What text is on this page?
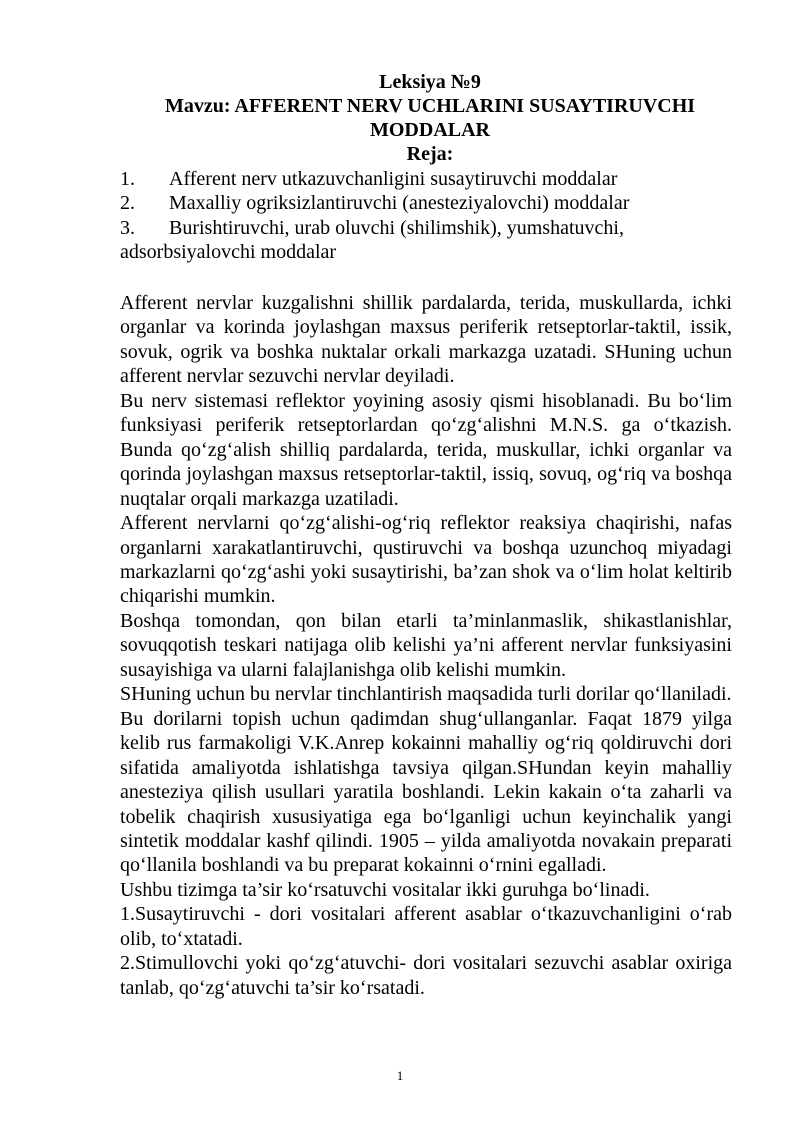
Leksiya №9
Mavzu: AFFERENT NERV UCHLARINI SUSAYTIRUVCHI
MODDALAR
Reja:
1. Afferent nerv utkazuvchanligini susaytiruvchi moddalar
2. Maxalliy ogriksizlantiruvchi (anesteziyalovchi) moddalar
3. Burishtiruvchi, urab oluvchi (shilimshik), yumshatuvchi,
adsorbsiyalovchi moddalar

Afferent nervlar kuzgalishni shillik pardalarda, terida, muskullarda, ichki organlar va korinda joylashgan maxsus periferik retseptorlar-taktil, issik, sovuk, ogrik va boshka nuktalar orkali markazga uzatadi. SHuning uchun afferent nervlar sezuvchi nervlar deyiladi.

Bu nerv sistemasi reflektor yoyining asosiy qismi hisoblanadi. Bu bo‘lim funksiyasi periferik retseptorlardan qo‘zg‘alishni M.N.S. ga o‘tkazish. Bunda qo‘zg‘alish shilliq pardalarda, terida, muskullar, ichki organlar va qorinda joylashgan maxsus retseptorlar-taktil, issiq, sovuq, og‘riq va boshqa nuqtalar orqali markazga uzatiladi.

Afferent nervlarni qo‘zg‘alishi-og‘riq reflektor reaksiya chaqirishi, nafas organlarni xarakatlantiruvchi, qustiruvchi va boshqa uzunchoq miyadagi markazlarni qo‘zg‘ashi yoki susaytirishi, ba’zan shok va o‘lim holat keltirib chiqarishi mumkin.

Boshqa tomondan, qon bilan etarli ta’minlanmaslik, shikastlanishlar, sovuqqotish teskari natijaga olib kelishi ya’ni afferent nervlar funksiyasini susayishiga va ularni falajlanishga olib kelishi mumkin.

SHuning uchun bu nervlar tinchlantirish maqsadida turli dorilar qo‘llaniladi.

Bu dorilarni topish uchun qadimdan shug‘ullanganlar. Faqat 1879 yilga kelib rus farmakoligi V.K.Anrep kokainni mahalliy og‘riq qoldiruvchi dori sifatida amaliyotda ishlatishga tavsiya qilgan.SHundan keyin mahalliy anesteziya qilish usullari yaratila boshlandi. Lekin kakain o‘ta zaharli va tobelik chaqirish xususiyatiga ega bo‘lganligi uchun keyinchalik yangi sintetik moddalar kashf qilindi. 1905 – yilda amaliyotda novakain preparati qo‘llanila boshlandi va bu preparat kokainni o‘rnini egalladi.

Ushbu tizimga ta’sir ko‘rsatuvchi vositalar ikki guruhga bo‘linadi.

1.Susaytiruvchi - dori vositalari afferent asablar o‘tkazuvchanligini o‘rab olib, to‘xtatadi.

2.Stimullovchi yoki qo‘zg‘atuvchi- dori vositalari sezuvchi asablar oxiriga tanlab, qo‘zg‘atuvchi ta’sir ko‘rsatadi.

1
